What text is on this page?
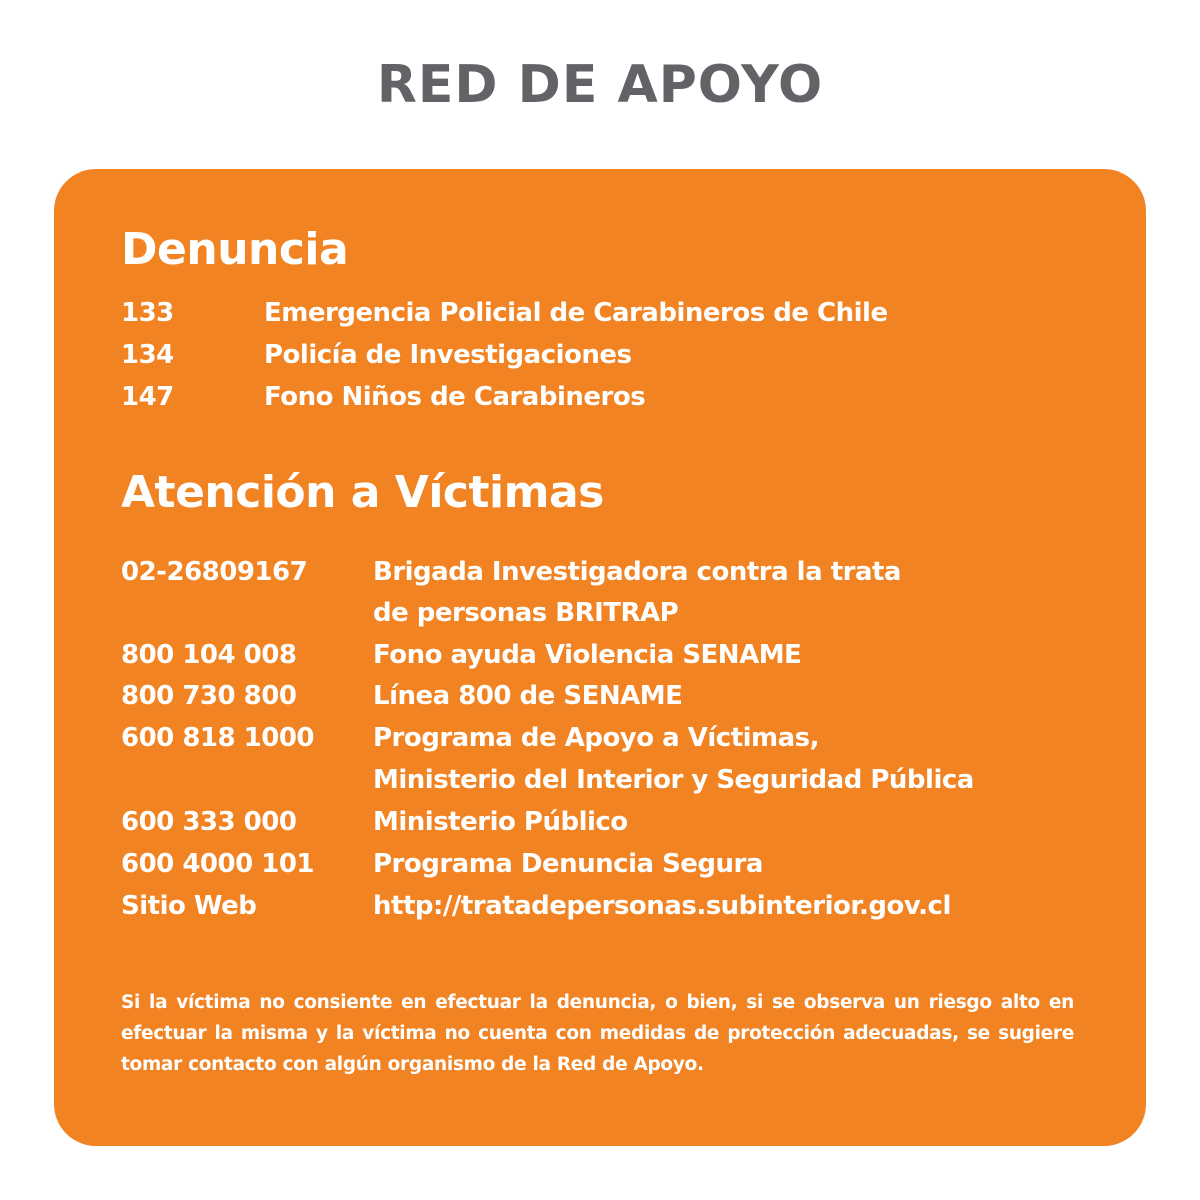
RED DE APOYO
Denuncia
133	Emergencia Policial de Carabineros de Chile
134	Policía de Investigaciones
147	Fono Niños de Carabineros
Atención a Víctimas
02-26809167	Brigada Investigadora contra la trata
de personas BRITRAP
800 104 008	Fono ayuda Violencia SENAME
800 730 800	Línea 800 de SENAME
600 818 1000 Programa de Apoyo a Víctimas,
Ministerio del Interior y Seguridad Pública
600 333 000	Ministerio Público
600 4000 101 Programa Denuncia Segura
Sitio Web	http://tratadepersonas.subinterior.gov.cl
Si la víctima no consiente en efectuar la denuncia, o bien, si se observa un riesgo alto en efectuar la misma y la víctima no cuenta con medidas de protección adecuadas, se sugiere tomar contacto con algún organismo de la Red de Apoyo.
